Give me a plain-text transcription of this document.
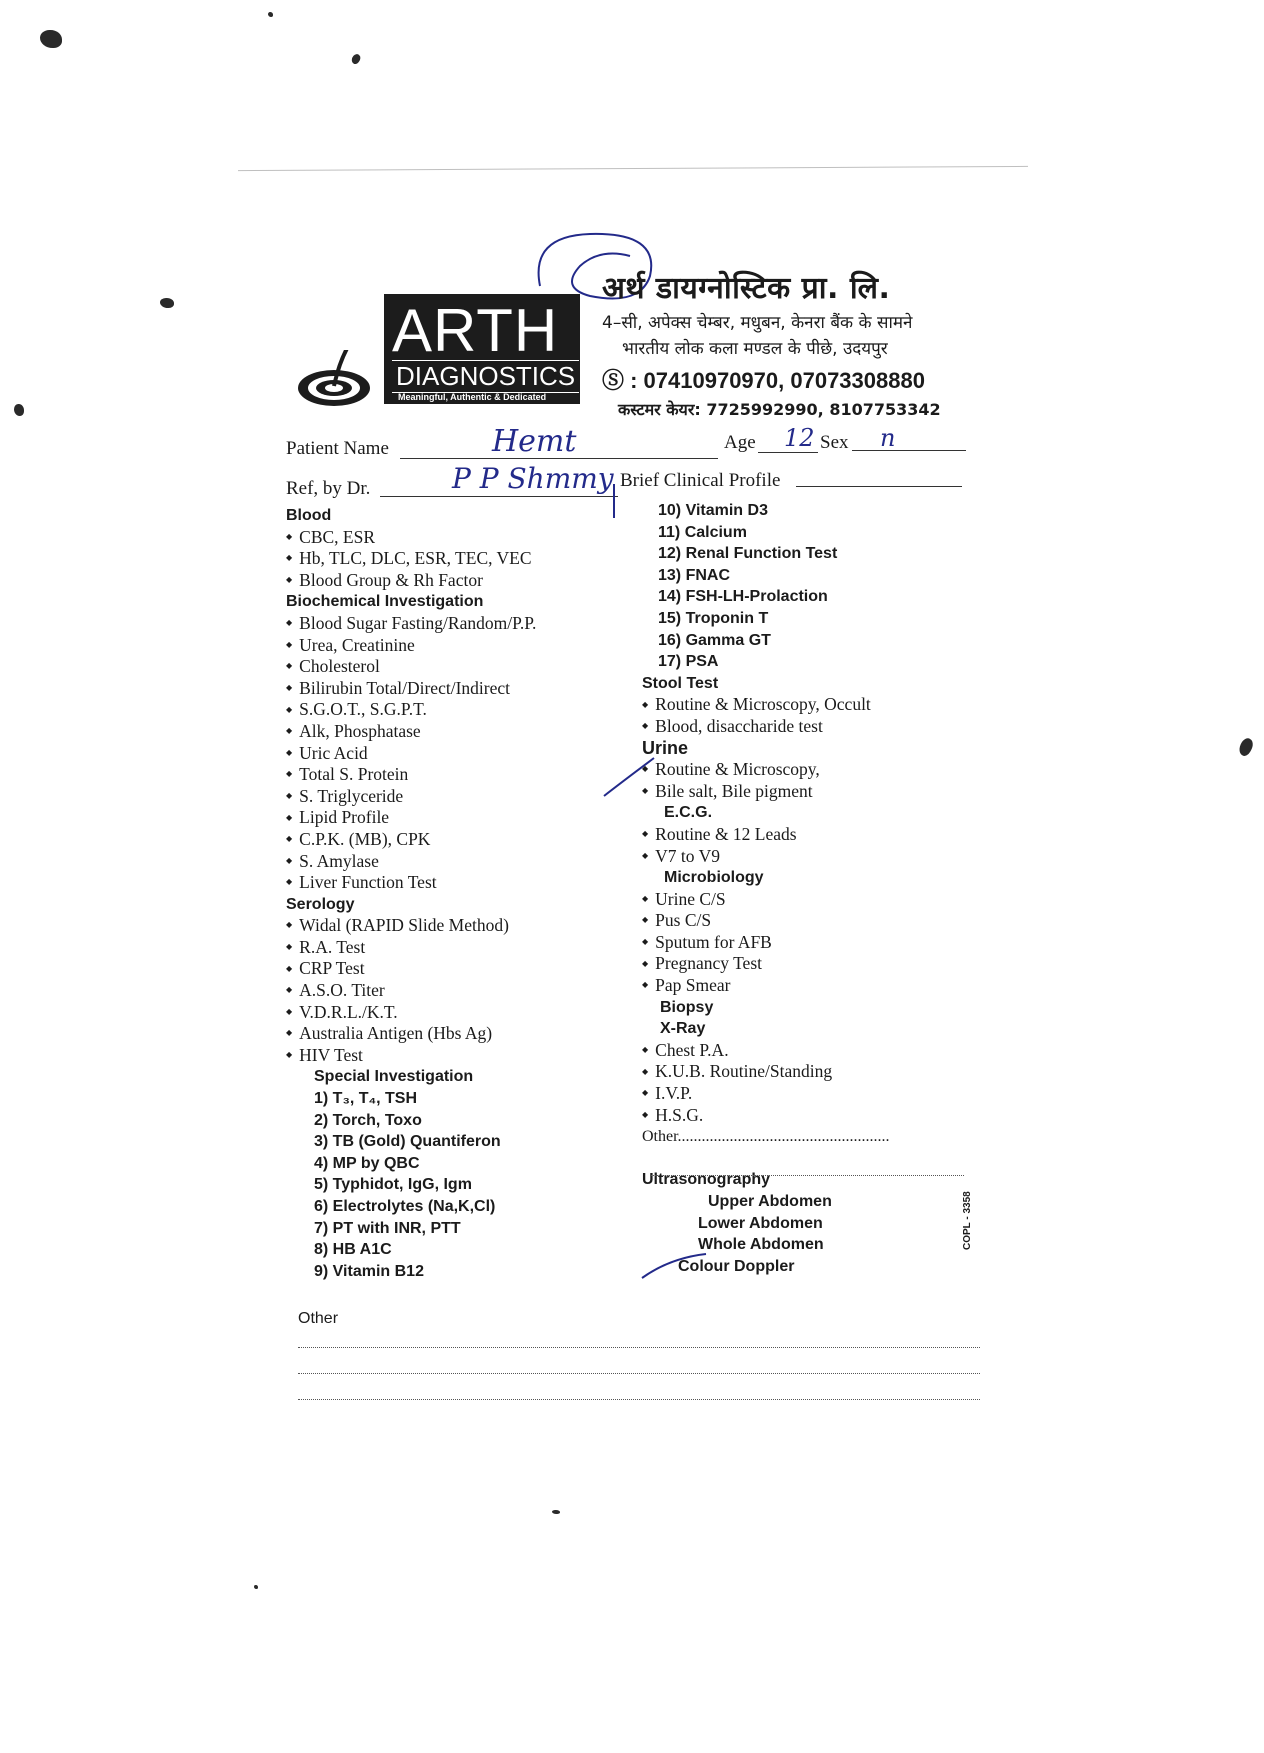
ARTH
DIAGNOSTICS
Meaningful, Authentic & Dedicated
अर्थ डायग्नोस्टिक प्रा. लि.
4–सी, अपेक्स चेम्बर, मधुबन, केनरा बैंक के सामने
भारतीय लोक कला मण्डल के पीछे, उदयपुर
Ⓢ : 07410970970, 07073308880
कस्टमर केयर: 7725992990, 8107753342
Patient Name	Hemt	Age 12 Sex n
Ref, by Dr.	P P Shmmy Brief Clinical Profile
Blood
◆ CBC, ESR
◆ Hb, TLC, DLC, ESR, TEC, VEC
◆ Blood Group & Rh Factor
Biochemical Investigation
◆ Blood Sugar Fasting/Random/P.P.
◆ Urea, Creatinine
◆ Cholesterol
◆ Bilirubin Total/Direct/Indirect
◆ S.G.O.T., S.G.P.T.
◆ Alk, Phosphatase
◆ Uric Acid
◆ Total S. Protein
◆ S. Triglyceride
◆ Lipid Profile
◆ C.P.K. (MB), CPK
◆ S. Amylase
◆ Liver Function Test
Serology
◆ Widal (RAPID Slide Method)
◆ R.A. Test
◆ CRP Test
◆ A.S.O. Titer
◆ V.D.R.L./K.T.
◆ Australia Antigen (Hbs Ag)
◆ HIV Test
Special Investigation
1) T₃, T₄, TSH
2) Torch, Toxo
3) TB (Gold) Quantiferon
4) MP by QBC
5) Typhidot, IgG, Igm
6) Electrolytes (Na,K,Cl)
7) PT with INR, PTT
8) HB A1C
9) Vitamin B12
Other
10) Vitamin D3
11) Calcium
12) Renal Function Test
13) FNAC
14) FSH-LH-Prolaction
15) Troponin T
16) Gamma GT
17) PSA
Stool Test
◆ Routine & Microscopy, Occult
◆ Blood, disaccharide test
Urine
◆ Routine & Microscopy,
◆ Bile salt, Bile pigment
E.C.G.
◆ Routine & 12 Leads
◆ V7 to V9
Microbiology
◆ Urine C/S
◆ Pus C/S
◆ Sputum for AFB
◆ Pregnancy Test
◆ Pap Smear
Biopsy
X-Ray
◆ Chest P.A.
◆ K.U.B. Routine/Standing
◆ I.V.P.
◆ H.S.G.
Other.....................................................
Ultrasonography
Upper Abdomen
Lower Abdomen
Whole Abdomen
Colour Doppler
COPL - 3358
